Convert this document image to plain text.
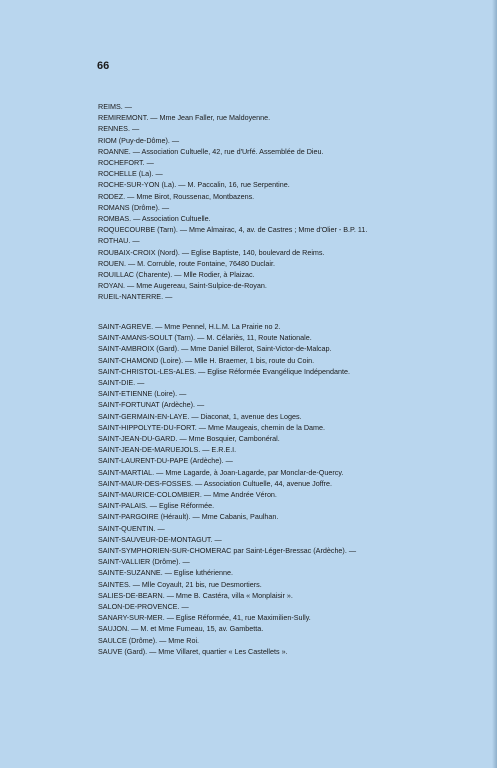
66
REIMS. —
REMIREMONT. — Mme Jean Faller, rue Maldoyenne.
RENNES. —
RIOM (Puy-de-Dôme). —
ROANNE. — Association Cultuelle, 42, rue d'Urfé. Assemblée de Dieu.
ROCHEFORT. —
ROCHELLE (La). —
ROCHE-SUR-YON (La). — M. Paccalin, 16, rue Serpentine.
RODEZ. — Mme Birot, Roussenac, Montbazens.
ROMANS (Drôme). —
ROMBAS. — Association Cultuelle.
ROQUECOURBE (Tarn). — Mme Almairac, 4, av. de Castres ; Mme d'Olier - B.P. 11.
ROTHAU. —
ROUBAIX-CROIX (Nord). — Eglise Baptiste, 140, boulevard de Reims.
ROUEN. — M. Corruble, route Fontaine, 76480 Duclair.
ROUILLAC (Charente). — Mlle Rodier, à Plaizac.
ROYAN. — Mme Augereau, Saint-Sulpice-de-Royan.
RUEIL-NANTERRE. —
SAINT-AGREVE. — Mme Pennel, H.L.M. La Prairie no 2.
SAINT-AMANS-SOULT (Tarn). — M. Célariès, 11, Route Nationale.
SAINT-AMBROIX (Gard). — Mme Daniel Billerot, Saint-Victor-de-Malcap.
SAINT-CHAMOND (Loire). — Mlle H. Braemer, 1 bis, route du Coin.
SAINT-CHRISTOL-LES-ALES. — Eglise Réformée Evangélique Indépendante.
SAINT-DIE. —
SAINT-ETIENNE (Loire). —
SAINT-FORTUNAT (Ardèche). —
SAINT-GERMAIN-EN-LAYE. — Diaconat, 1, avenue des Loges.
SAINT-HIPPOLYTE-DU-FORT. — Mme Maugeais, chemin de la Dame.
SAINT-JEAN-DU-GARD. — Mme Bosquier, Cambonéral.
SAINT-JEAN-DE-MARUEJOLS. — E.R.E.I.
SAINT-LAURENT-DU-PAPE (Ardèche). —
SAINT-MARTIAL. — Mme Lagarde, à Joan-Lagarde, par Monclar-de-Quercy.
SAINT-MAUR-DES-FOSSES. — Association Cultuelle, 44, avenue Joffre.
SAINT-MAURICE-COLOMBIER. — Mme Andrée Véron.
SAINT-PALAIS. — Eglise Réformée.
SAINT-PARGOIRE (Hérault). — Mme Cabanis, Paulhan.
SAINT-QUENTIN. —
SAINT-SAUVEUR-DE-MONTAGUT. —
SAINT-SYMPHORIEN-SUR-CHOMERAC par Saint-Léger-Bressac (Ardèche). —
SAINT-VALLIER (Drôme). —
SAINTE-SUZANNE. — Eglise luthérienne.
SAINTES. — Mlle Coyault, 21 bis, rue Desmortiers.
SALIES-DE-BEARN. — Mme B. Castéra, villa « Monplaisir ».
SALON-DE-PROVENCE. —
SANARY-SUR-MER. — Eglise Réformée, 41, rue Maximilien-Sully.
SAUJON. — M. et Mme Fumeau, 15, av. Gambetta.
SAULCE (Drôme). — Mme Roi.
SAUVE (Gard). — Mme Villaret, quartier « Les Castellets ».
